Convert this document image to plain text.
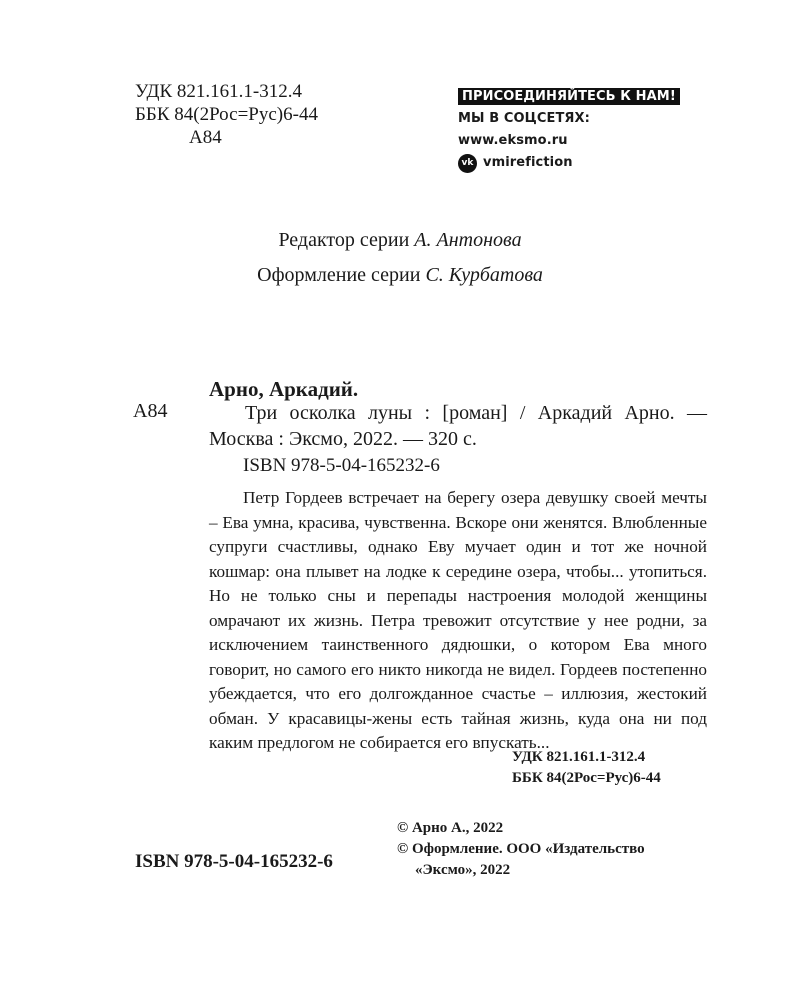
УДК 821.161.1-312.4
ББК 84(2Рос=Рус)6-44
А84
ПРИСОЕДИНЯЙТЕСЬ К НАМ!
МЫ В СОЦСЕТЯХ:
www.eksmo.ru
vk vmirefiction
Редактор серии А. Антонова
Оформление серии С. Курбатова
Арно, Аркадий.
А84	Три осколка луны : [роман] / Аркадий Арно. — Москва : Эксмо, 2022. — 320 с.
ISBN 978-5-04-165232-6
Петр Гордеев встречает на берегу озера девушку своей мечты – Ева умна, красива, чувственна. Вскоре они женятся. Влюбленные супруги счастливы, однако Еву мучает один и тот же ночной кошмар: она плывет на лодке к середине озера, чтобы... утопиться. Но не только сны и перепады настроения молодой женщины омрачают их жизнь. Петра тревожит отсутствие у нее родни, за исключением таинственного дядюшки, о котором Ева много говорит, но самого его никто никогда не видел. Гордеев постепенно убеждается, что его долгожданное счастье – иллюзия, жестокий обман. У красавицы-жены есть тайная жизнь, куда она ни под каким предлогом не собирается его впускать...
УДК 821.161.1-312.4
ББК 84(2Рос=Рус)6-44
© Арно А., 2022
© Оформление. ООО «Издательство
«Эксмо», 2022
ISBN 978-5-04-165232-6
